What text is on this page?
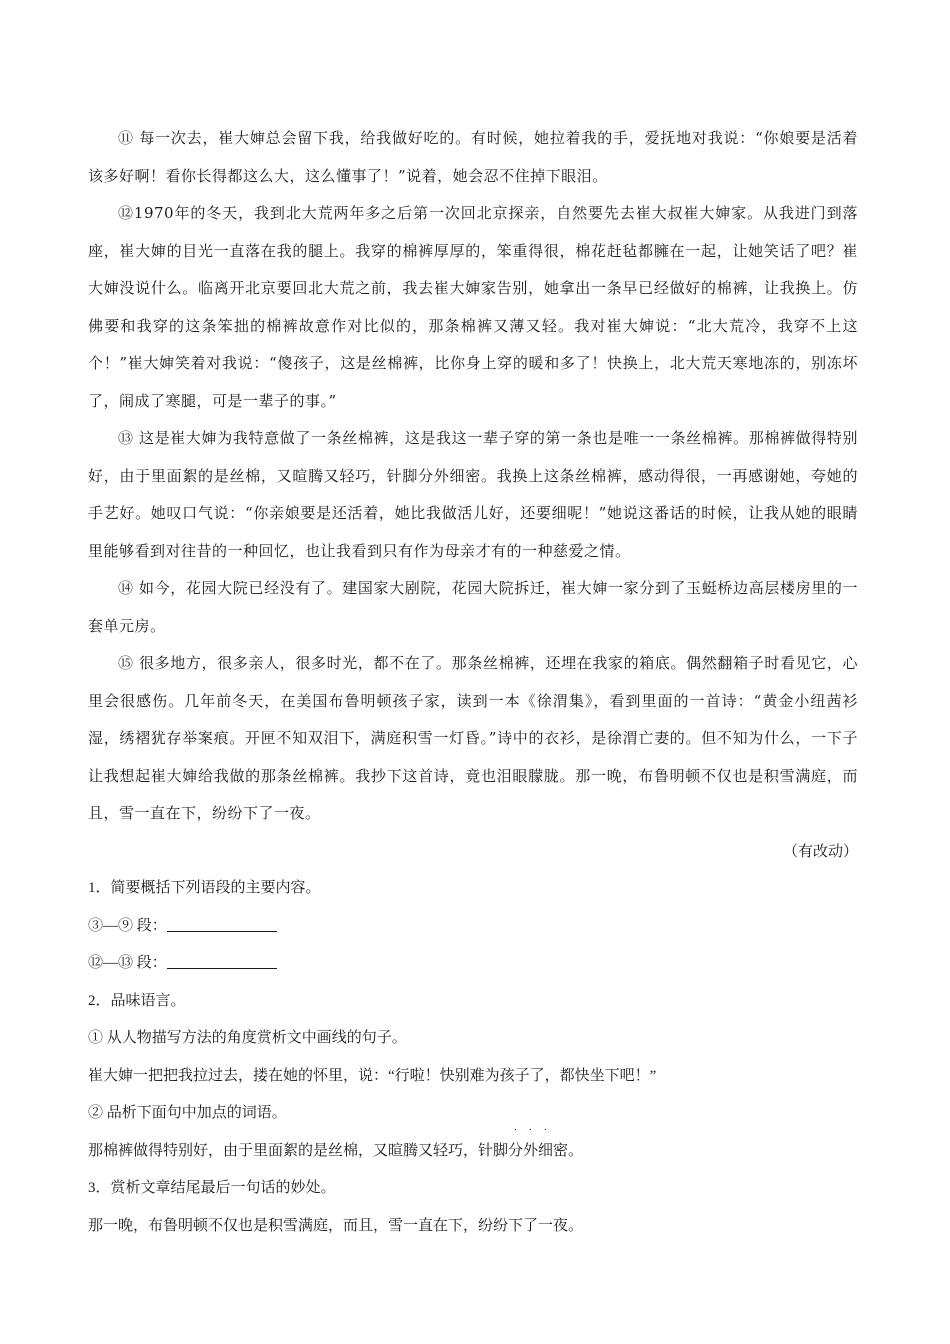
⑪ 每一次去，崔大婶总会留下我，给我做好吃的。有时候，她拉着我的手，爱抚地对我说：“你娘要是活着该多好啊！看你长得都这么大，这么懂事了！”说着，她会忍不住掉下眼泪。

⑫1970年的冬天，我到北大荒两年多之后第一次回北京探亲，自然要先去崔大叔崔大婶家。从我进门到落座，崔大婶的目光一直落在我的腿上。我穿的棉裤厚厚的，笨重得很，棉花赶毡都臃在一起，让她笑话了吧？崔大婶没说什么。临离开北京要回北大荒之前，我去崔大婶家告别，她拿出一条早已经做好的棉裤，让我换上。仿佛要和我穿的这条笨拙的棉裤故意作对比似的，那条棉裤又薄又轻。我对崔大婶说：“北大荒冷，我穿不上这个！”崔大婶笑着对我说：“傻孩子，这是丝棉裤，比你身上穿的暖和多了！快换上，北大荒天寒地冻的，别冻坏了，闹成了寒腿，可是一辈子的事。”

⑬ 这是崔大婶为我特意做了一条丝棉裤，这是我这一辈子穿的第一条也是唯一一条丝棉裤。那棉裤做得特别好，由于里面絮的是丝棉，又暄腾又轻巧，针脚分外细密。我换上这条丝棉裤，感动得很，一再感谢她，夸她的手艺好。她叹口气说：“你亲娘要是还活着，她比我做活儿好，还要细呢！”她说这番话的时候，让我从她的眼睛里能够看到对往昔的一种回忆，也让我看到只有作为母亲才有的一种慈爱之情。

⑭ 如今，花园大院已经没有了。建国家大剧院，花园大院拆迁，崔大婶一家分到了玉蜓桥边高层楼房里的一套单元房。

⑮ 很多地方，很多亲人，很多时光，都不在了。那条丝棉裤，还埋在我家的箱底。偶然翻箱子时看见它，心里会很感伤。几年前冬天，在美国布鲁明顿孩子家，读到一本《徐渭集》，看到里面的一首诗：“黄金小纽茜衫湿，绣褶犹存举案痕。开匣不知双泪下，满庭积雪一灯昏。”诗中的衣衫，是徐渭亡妻的。但不知为什么，一下子让我想起崔大婶给我做的那条丝棉裤。我抄下这首诗，竟也泪眼朦胧。那一晚，布鲁明顿不仅也是积雪满庭，而且，雪一直在下，纷纷下了一夜。

（有改动）

1．简要概括下列语段的主要内容。

③—⑨ 段：

⑫—⑬ 段：

2．品味语言。

① 从人物描写方法的角度赏析文中画线的句子。

崔大婶一把把我拉过去，搂在她的怀里，说：“行啦！快别难为孩子了，都快坐下吧！”

② 品析下面句中加点的词语。

那棉裤做得特别好，由于里面絮的是丝棉，又暄腾又轻巧，针脚
· · ·
分外细密。

3．赏析文章结尾最后一句话的妙处。

那一晚，布鲁明顿不仅也是积雪满庭，而且，雪一直在下，纷纷下了一夜。
